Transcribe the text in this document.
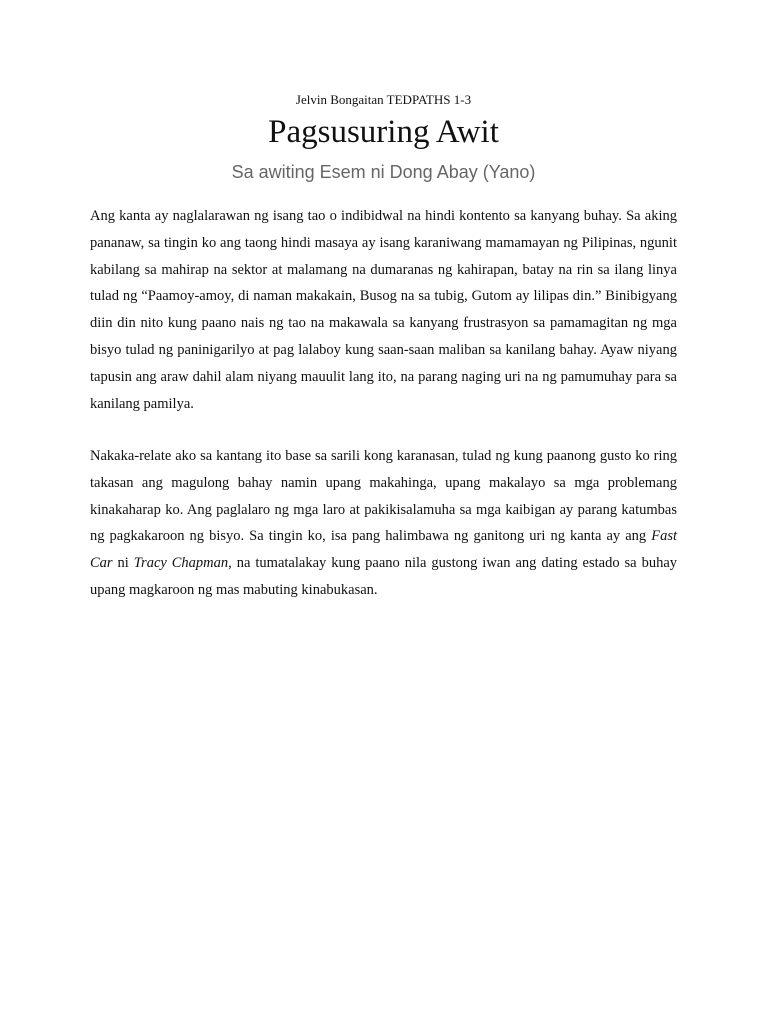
Jelvin Bongaitan TEDPATHS 1-3
Pagsusuring Awit
Sa awiting Esem ni Dong Abay (Yano)

Ang kanta ay naglalarawan ng isang tao o indibidwal na hindi kontento sa kanyang buhay. Sa aking pananaw, sa tingin ko ang taong hindi masaya ay isang karaniwang mamamayan ng Pilipinas, ngunit kabilang sa mahirap na sektor at malamang na dumaranas ng kahirapan, batay na rin sa ilang linya tulad ng “Paamoy-amoy, di naman makakain, Busog na sa tubig, Gutom ay lilipas din.” Binibigyang diin din nito kung paano nais ng tao na makawala sa kanyang frustrasyon sa pamamagitan ng mga bisyo tulad ng paninigarilyo at pag lalaboy kung saan-saan maliban sa kanilang bahay. Ayaw niyang tapusin ang araw dahil alam niyang mauulit lang ito, na parang naging uri na ng pamumuhay para sa kanilang pamilya.

Nakaka-relate ako sa kantang ito base sa sarili kong karanasan, tulad ng kung paanong gusto ko ring takasan ang magulong bahay namin upang makahinga, upang makalayo sa mga problemang kinakaharap ko. Ang paglalaro ng mga laro at pakikisalamuha sa mga kaibigan ay parang katumbas ng pagkakaroon ng bisyo. Sa tingin ko, isa pang halimbawa ng ganitong uri ng kanta ay ang Fast Car ni Tracy Chapman, na tumatalakay kung paano nila gustong iwan ang dating estado sa buhay upang magkaroon ng mas mabuting kinabukasan.
